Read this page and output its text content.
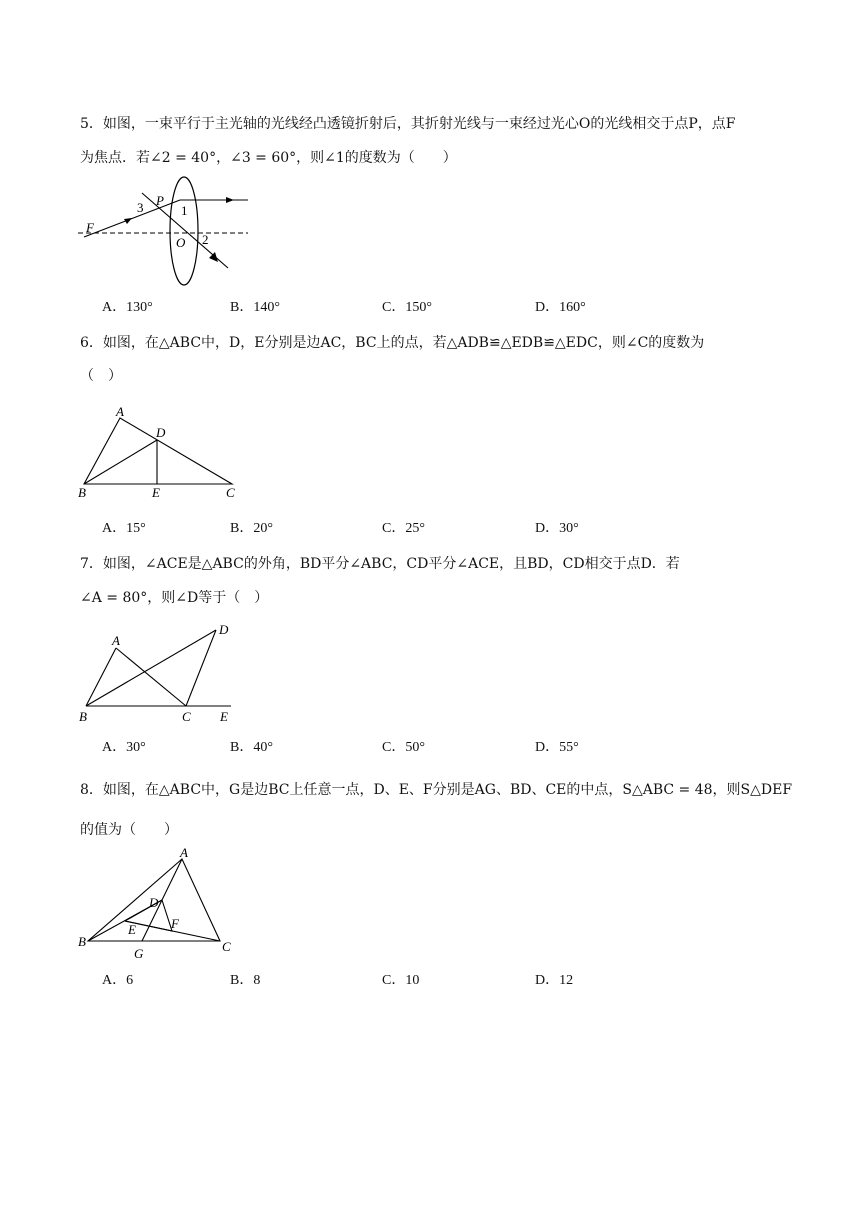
5．如图，一束平行于主光轴的光线经凸透镜折射后，其折射光线与一束经过光心O的光线相交于点P，点F
为焦点．若∠2 = 40°，∠3 = 60°，则∠1的度数为（　　）
F
P
O
1
2
3
A．130°	B．140°	C．150°	D．160°
6．如图，在△ABC中，D，E分别是边AC，BC上的点，若△ADB≌△EDB≌△EDC，则∠C的度数为
（　）
A
B	C
D
E
A．15°	B．20°	C．25°	D．30°
7．如图，∠ACE是△ABC的外角，BD平分∠ABC，CD平分∠ACE，且BD，CD相交于点D．若
∠A = 80°，则∠D等于（　）
A
B	C
D
E
A．30°	B．40°	C．50°	D．55°
8．如图，在△ABC中，G是边BC上任意一点，D、E、F分别是AG、BD、CE的中点，S△ABC = 48，则S△DEF
的值为（　　）
A
B	C
D
E	F
G
A．6	B．8	C．10	D．12
